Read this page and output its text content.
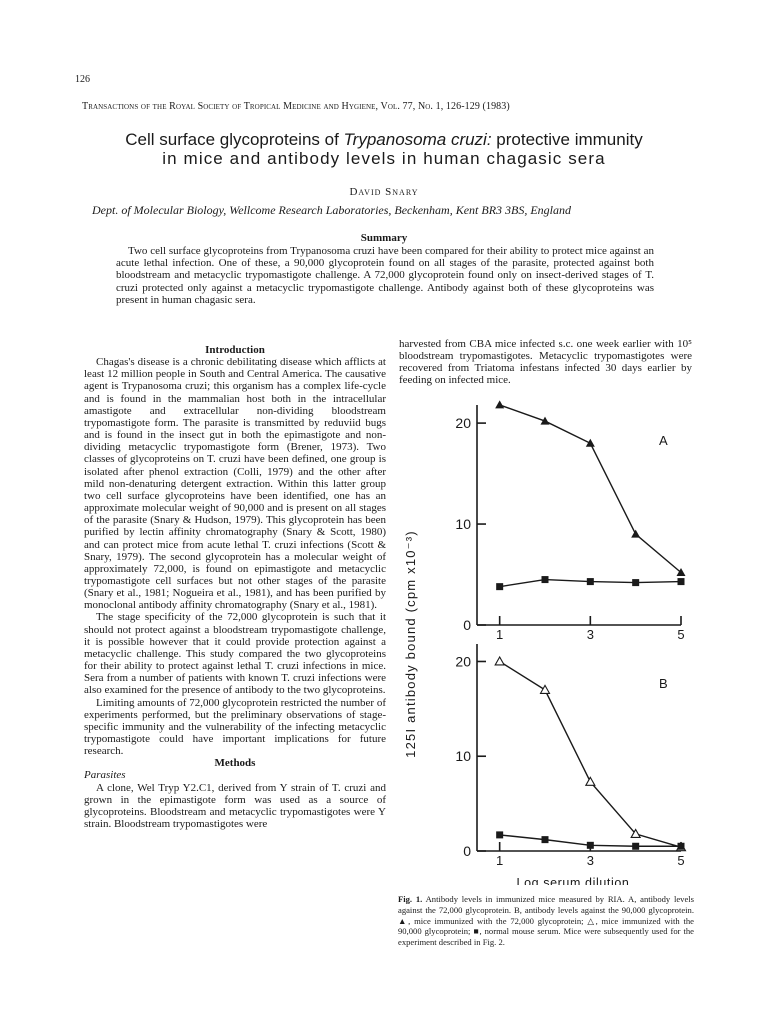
126
Transactions of the Royal Society of Tropical Medicine and Hygiene, Vol. 77, No. 1, 126-129 (1983)
Cell surface glycoproteins of Trypanosoma cruzi: protective immunity
in mice and antibody levels in human chagasic sera
David Snary
Dept. of Molecular Biology, Wellcome Research Laboratories, Beckenham, Kent BR3 3BS, England
Summary
Two cell surface glycoproteins from Trypanosoma cruzi have been compared for their ability to protect mice against an acute lethal infection. One of these, a 90,000 glycoprotein found on all stages of the parasite, protected against both bloodstream and metacyclic trypomastigote challenge. A 72,000 glycoprotein found only on insect-derived stages of T. cruzi protected only against a metacyclic trypomastigote challenge. Antibody against both of these glycoproteins was present in human chagasic sera.
Introduction

Chagas's disease is a chronic debilitating disease which afflicts at least 12 million people in South and Central America. The causative agent is Trypanosoma cruzi; this organism has a complex life-cycle and is found in the mammalian host both in the intracellular amastigote and extracellular non-dividing bloodstream trypomastigote form. The parasite is transmitted by reduviid bugs and is found in the insect gut in both the epimastigote and non-dividing metacyclic trypomastigote form (Brener, 1973). Two classes of glycoproteins on T. cruzi have been defined, one group is isolated after phenol extraction (Colli, 1979) and the other after mild non-denaturing detergent extraction. Within this latter group two cell surface glycoproteins have been identified, one has an approximate molecular weight of 90,000 and is present on all stages of the parasite (Snary & Hudson, 1979). This glycoprotein has been purified by lectin affinity chromatography (Snary & Scott, 1980) and can protect mice from acute lethal T. cruzi infections (Scott & Snary, 1979). The second glycoprotein has a molecular weight of approximately 72,000, is found on epimastigote and metacyclic trypomastigote cell surfaces but not other stages of the parasite (Snary et al., 1981; Nogueira et al., 1981), and has been purified by monoclonal antibody affinity chromatography (Snary et al., 1981).

The stage specificity of the 72,000 glycoprotein is such that it should not protect against a bloodstream trypomastigote challenge, it is possible however that it could provide protection against a metacyclic challenge. This study compared the two glycoproteins for their ability to protect against lethal T. cruzi infections in mice. Sera from a number of patients with known T. cruzi infections were also examined for the presence of antibody to the two glycoproteins.

Limiting amounts of 72,000 glycoprotein restricted the number of experiments performed, but the preliminary observations of stage-specific immunity and the vulnerability of the infecting metacyclic trypomastigote could have important implications for future research.

Methods

Parasites

A clone, Wel Tryp Y2.C1, derived from Y strain of T. cruzi and grown in the epimastigote form was used as a source of glycoproteins. Bloodstream and metacyclic trypomastigotes were Y strain. Bloodstream trypomastigotes were

harvested from CBA mice infected s.c. one week earlier with 10⁵ bloodstream trypomastigotes. Metacyclic trypomastigotes were recovered from Triatoma infestans infected 30 days earlier by feeding on infected mice.
0
10
20
1	3	5
A
0
10
20
1	3	5
B
125I antibody bound (cpm x10⁻³)
Log serum dilution
Fig. 1. Antibody levels in immunized mice measured by RIA. A, antibody levels against the 72,000 glycoprotein. B, antibody levels against the 90,000 glycoprotein. ▲, mice immunized with the 72,000 glycoprotein; △, mice immunized with the 90,000 glycoprotein; ■, normal mouse serum. Mice were subsequently used for the experiment described in Fig. 2.
